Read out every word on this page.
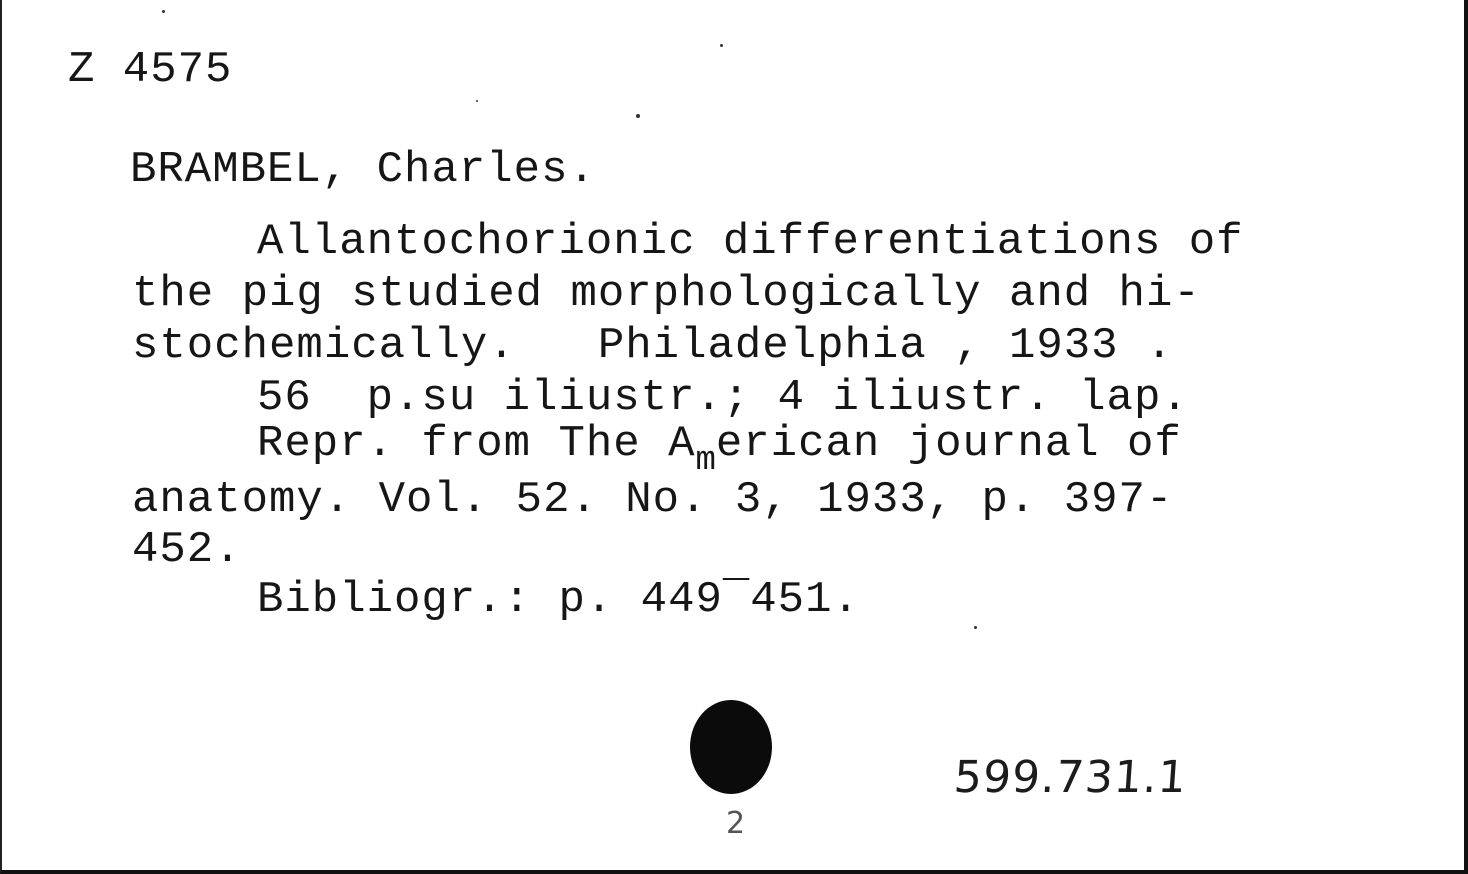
Z 4575

BRAMBEL, Charles.

Allantochorionic differentiations of

the pig studied morphologically and hi-

stochemically.   Philadelphia , 1933 .

56  p.su iliustr.; 4 iliustr. lap.

Repr. from The $A_merican$ journal of

anatomy. Vol. 52. No. 3, 1933, p. 397-

452.

Bibliogr.: p. 449‾451.

599.731.1

2
